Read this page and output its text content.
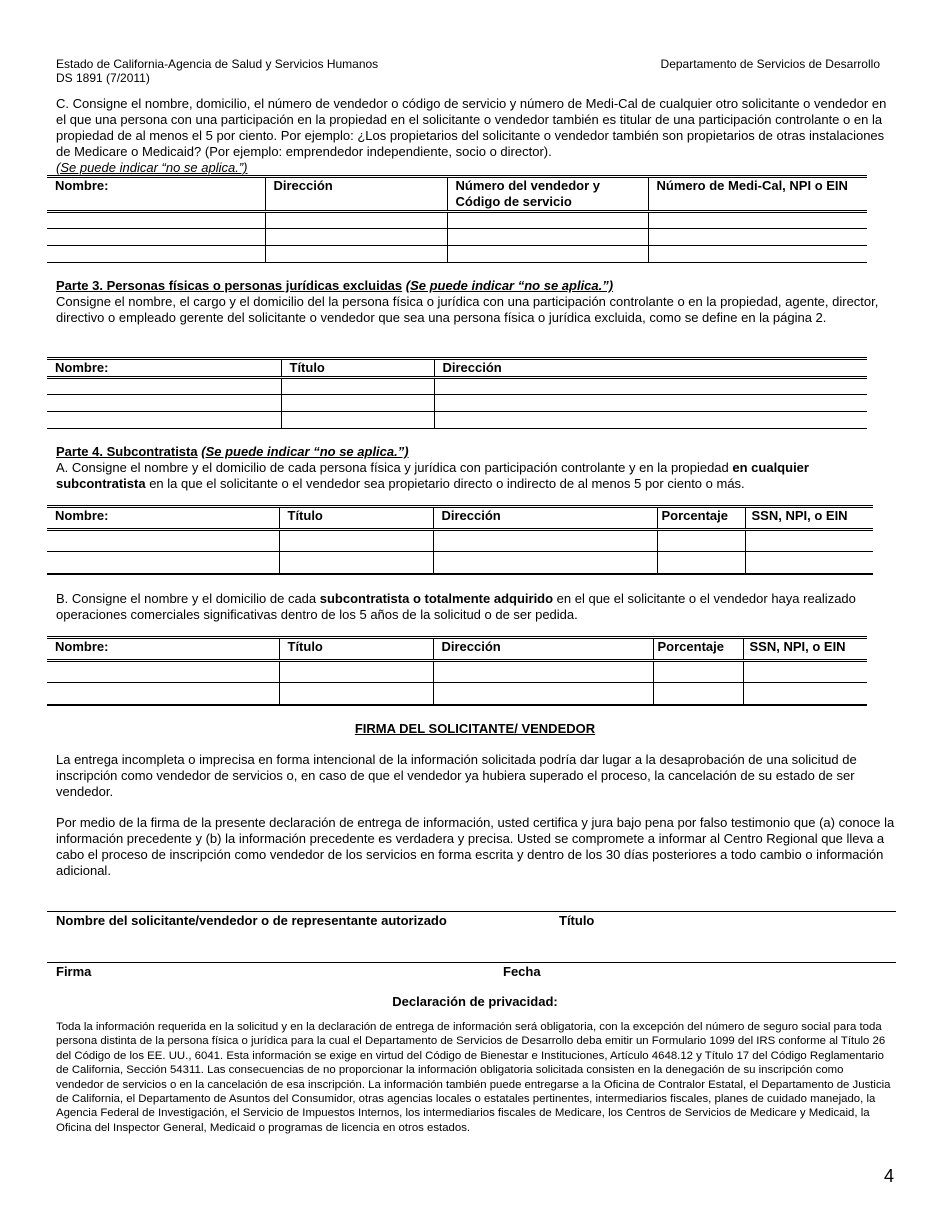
Estado de California-Agencia de Salud y Servicios Humanos
DS 1891 (7/2011)
Departamento de Servicios de Desarrollo
C. Consigne el nombre, domicilio, el número de vendedor o código de servicio y número de Medi-Cal de cualquier otro solicitante o vendedor en el que una persona con una participación en la propiedad en el solicitante o vendedor también es titular de una participación controlante o en la propiedad de al menos el 5 por ciento. Por ejemplo: ¿Los propietarios del solicitante o vendedor también son propietarios de otras instalaciones de Medicare o Medicaid? (Por ejemplo: emprendedor independiente, socio o director).
(Se puede indicar “no se aplica.”)
Nombre:	Dirección	Número del vendedor y Código de servicio	Número de Medi-Cal, NPI o EIN

Parte 3. Personas físicas o personas jurídicas excluidas (Se puede indicar “no se aplica.”)
Consigne el nombre, el cargo y el domicilio del la persona física o jurídica con una participación controlante o en la propiedad, agente, director, directivo o empleado gerente del solicitante o vendedor que sea una persona física o jurídica excluida, como se define en la página 2.
Nombre:	Título	Dirección

Parte 4. Subcontratista (Se puede indicar “no se aplica.”)
A. Consigne el nombre y el domicilio de cada persona física y jurídica con participación controlante y en la propiedad en cualquier subcontratista en la que el solicitante o el vendedor sea propietario directo o indirecto de al menos 5 por ciento o más.
Nombre:	Título	Dirección	Porcentaje	SSN, NPI, o EIN

B. Consigne el nombre y el domicilio de cada subcontratista o totalmente adquirido en el que el solicitante o el vendedor haya realizado operaciones comerciales significativas dentro de los 5 años de la solicitud o de ser pedida.
Nombre:	Título	Dirección	Porcentaje	SSN, NPI, o EIN

FIRMA DEL SOLICITANTE/ VENDEDOR
La entrega incompleta o imprecisa en forma intencional de la información solicitada podría dar lugar a la desaprobación de una solicitud de inscripción como vendedor de servicios o, en caso de que el vendedor ya hubiera superado el proceso, la cancelación de su estado de ser vendedor.
Por medio de la firma de la presente declaración de entrega de información, usted certifica y jura bajo pena por falso testimonio que (a) conoce la información precedente y (b) la información precedente es verdadera y precisa. Usted se compromete a informar al Centro Regional que lleva a cabo el proceso de inscripción como vendedor de los servicios en forma escrita y dentro de los 30 días posteriores a todo cambio o información adicional.
Nombre del solicitante/vendedor o de representante autorizado	Título
Firma	Fecha
Declaración de privacidad:
Toda la información requerida en la solicitud y en la declaración de entrega de información será obligatoria, con la excepción del número de seguro social para toda persona distinta de la persona física o jurídica para la cual el Departamento de Servicios de Desarrollo deba emitir un Formulario 1099 del IRS conforme al Título 26 del Código de los EE. UU., 6041. Esta información se exige en virtud del Código de Bienestar e Instituciones, Artículo 4648.12 y Título 17 del Código Reglamentario de California, Sección 54311. Las consecuencias de no proporcionar la información obligatoria solicitada consisten en la denegación de su inscripción como vendedor de servicios o en la cancelación de esa inscripción. La información también puede entregarse a la Oficina de Contralor Estatal, el Departamento de Justicia de California, el Departamento de Asuntos del Consumidor, otras agencias locales o estatales pertinentes, intermediarios fiscales, planes de cuidado manejado, la Agencia Federal de Investigación, el Servicio de Impuestos Internos, los intermediarios fiscales de Medicare, los Centros de Servicios de Medicare y Medicaid, la Oficina del Inspector General, Medicaid o programas de licencia en otros estados.
4
